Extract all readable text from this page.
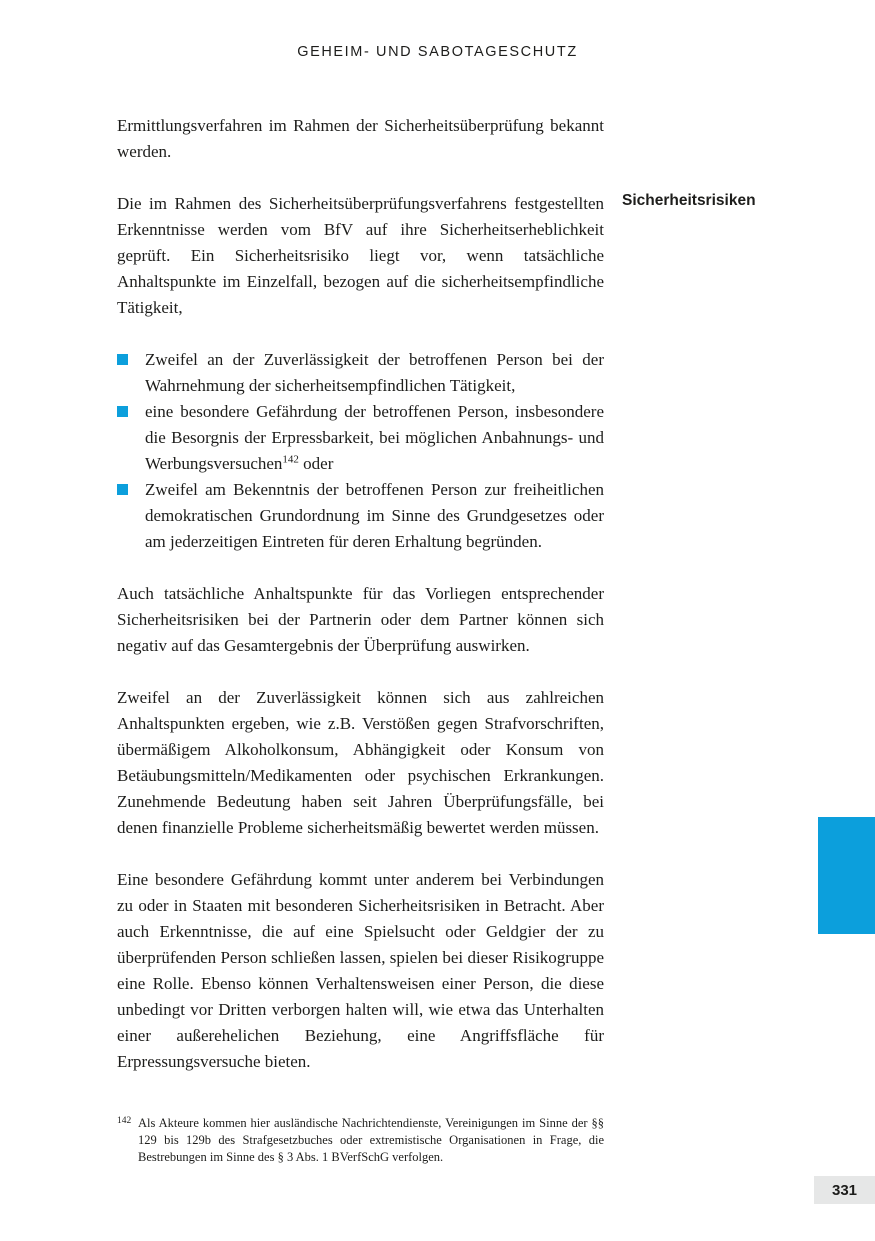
GEHEIM- UND SABOTAGESCHUTZ

Ermittlungsverfahren im Rahmen der Sicherheitsüberprüfung bekannt werden.

Die im Rahmen des Sicherheitsüberprüfungsverfahrens festgestellten Erkenntnisse werden vom BfV auf ihre Sicherheitserheblichkeit geprüft. Ein Sicherheitsrisiko liegt vor, wenn tatsächliche Anhaltspunkte im Einzelfall, bezogen auf die sicherheitsempfindliche Tätigkeit,

Sicherheitsrisiken
Zweifel an der Zuverlässigkeit der betroffenen Person bei der Wahrnehmung der sicherheitsempfindlichen Tätigkeit,
eine besondere Gefährdung der betroffenen Person, insbesondere die Besorgnis der Erpressbarkeit, bei möglichen Anbahnungs- und Werbungsversuchen$^{142}$ oder
Zweifel am Bekenntnis der betroffenen Person zur freiheitlichen demokratischen Grundordnung im Sinne des Grundgesetzes oder am jederzeitigen Eintreten für deren Erhaltung begründen.

Auch tatsächliche Anhaltspunkte für das Vorliegen entsprechender Sicherheitsrisiken bei der Partnerin oder dem Partner können sich negativ auf das Gesamtergebnis der Überprüfung auswirken.

Zweifel an der Zuverlässigkeit können sich aus zahlreichen Anhaltspunkten ergeben, wie z.B. Verstößen gegen Strafvorschriften, übermäßigem Alkoholkonsum, Abhängigkeit oder Konsum von Betäubungsmitteln/Medikamenten oder psychischen Erkrankungen. Zunehmende Bedeutung haben seit Jahren Überprüfungsfälle, bei denen finanzielle Probleme sicherheitsmäßig bewertet werden müssen.

Eine besondere Gefährdung kommt unter anderem bei Verbindungen zu oder in Staaten mit besonderen Sicherheitsrisiken in Betracht. Aber auch Erkenntnisse, die auf eine Spielsucht oder Geldgier der zu überprüfenden Person schließen lassen, spielen bei dieser Risikogruppe eine Rolle. Ebenso können Verhaltensweisen einer Person, die diese unbedingt vor Dritten verborgen halten will, wie etwa das Unterhalten einer außerehelichen Beziehung, eine Angriffsfläche für Erpressungsversuche bieten.

142 Als Akteure kommen hier ausländische Nachrichtendienste, Vereinigungen im Sinne der §§ 129 bis 129b des Strafgesetzbuches oder extremistische Organisationen in Frage, die Bestrebungen im Sinne des § 3 Abs. 1 BVerfSchG verfolgen.
331
